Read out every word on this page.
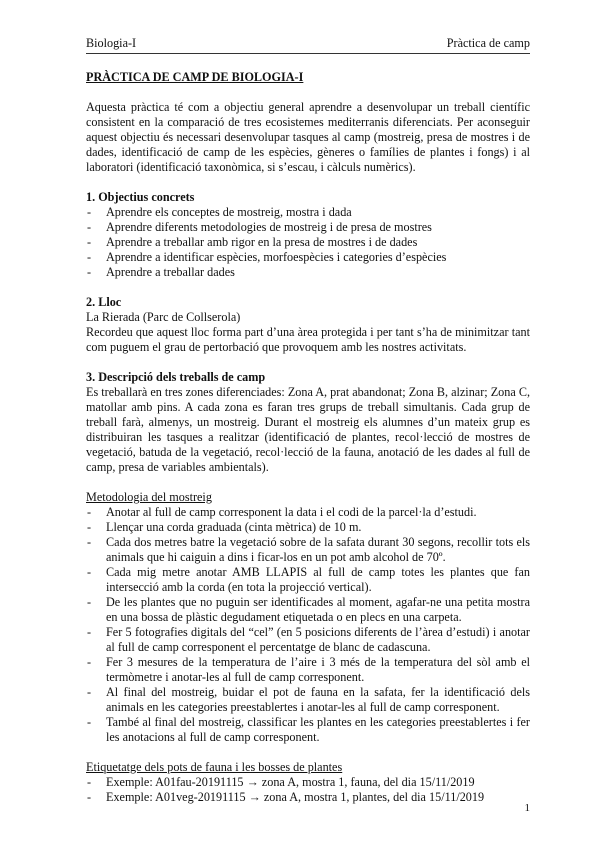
Biologia-I	Pràctica de camp

PRÀCTICA DE CAMP DE BIOLOGIA-I

Aquesta pràctica té com a objectiu general aprendre a desenvolupar un treball científic consistent en la comparació de tres ecosistemes mediterranis diferenciats. Per aconseguir aquest objectiu és necessari desenvolupar tasques al camp (mostreig, presa de mostres i de dades, identificació de camp de les espècies, gèneres o famílies de plantes i fongs) i al laboratori (identificació taxonòmica, si s’escau, i càlculs numèrics).

1. Objectius concrets

- Aprendre els conceptes de mostreig, mostra i dada
- Aprendre diferents metodologies de mostreig i de presa de mostres
- Aprendre a treballar amb rigor en la presa de mostres i de dades
- Aprendre a identificar espècies, morfoespècies i categories d’espècies
- Aprendre a treballar dades

2. Lloc

La Rierada (Parc de Collserola)

Recordeu que aquest lloc forma part d’una àrea protegida i per tant s’ha de minimitzar tant com puguem el grau de pertorbació que provoquem amb les nostres activitats.

3. Descripció dels treballs de camp

Es treballarà en tres zones diferenciades: Zona A, prat abandonat; Zona B, alzinar; Zona C, matollar amb pins. A cada zona es faran tres grups de treball simultanis. Cada grup de treball farà, almenys, un mostreig. Durant el mostreig els alumnes d’un mateix grup es distribuiran les tasques a realitzar (identificació de plantes, recol·lecció de mostres de vegetació, batuda de la vegetació, recol·lecció de la fauna, anotació de les dades al full de camp, presa de variables ambientals).

Metodologia del mostreig

- Anotar al full de camp corresponent la data i el codi de la parcel·la d’estudi.
- Llençar una corda graduada (cinta mètrica) de 10 m.
- Cada dos metres batre la vegetació sobre de la safata durant 30 segons, recollir tots els animals que hi caiguin a dins i ficar-los en un pot amb alcohol de 70º.
- Cada mig metre anotar AMB LLAPIS al full de camp totes les plantes que fan intersecció amb la corda (en tota la projecció vertical).
- De les plantes que no puguin ser identificades al moment, agafar-ne una petita mostra en una bossa de plàstic degudament etiquetada o en plecs en una carpeta.
- Fer 5 fotografies digitals del “cel” (en 5 posicions diferents de l’àrea d’estudi) i anotar al full de camp corresponent el percentatge de blanc de cadascuna.
- Fer 3 mesures de la temperatura de l’aire i 3 més de la temperatura del sòl amb el termòmetre i anotar-les al full de camp corresponent.
- Al final del mostreig, buidar el pot de fauna en la safata, fer la identificació dels animals en les categories preestablertes i anotar-les al full de camp corresponent.
- També al final del mostreig, classificar les plantes en les categories preestablertes i fer les anotacions al full de camp corresponent.

Etiquetatge dels pots de fauna i les bosses de plantes

- Exemple: A01fau-20191115 → zona A, mostra 1, fauna, del dia 15/11/2019
- Exemple: A01veg-20191115 → zona A, mostra 1, plantes, del dia 15/11/2019
1
